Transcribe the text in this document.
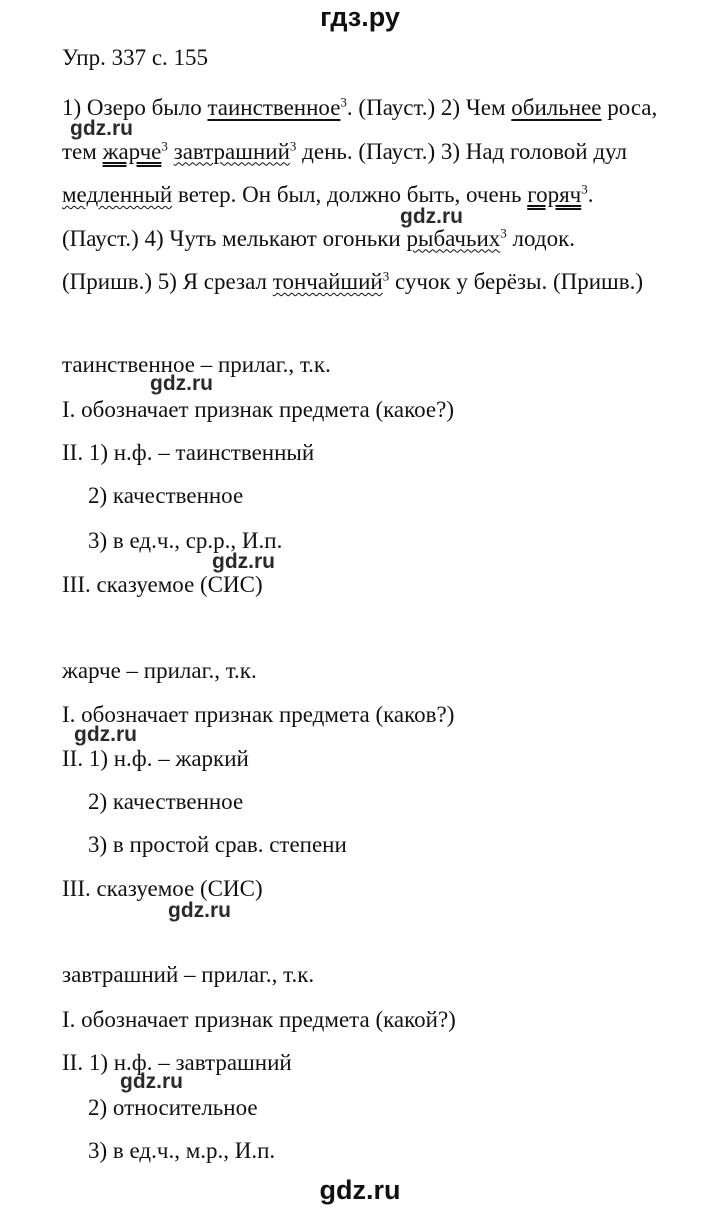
гдз.ру
Упр. 337 с. 155
1) Озеро было таинственное$^3$. (Пауст.) 2) Чем обильнее роса,
тем жарче$^3$ завтрашний$^3$ день. (Пауст.) 3) Над головой дул
медленный ветер. Он был, должно быть, очень горяч$^3$.
(Пауст.) 4) Чуть мелькают огоньки рыбачьих$^3$ лодок.
(Пришв.) 5) Я срезал тончайший$^3$ сучок у берёзы. (Пришв.)
таинственное – прилаг., т.к.
I. обозначает признак предмета (какое?)
II. 1) н.ф. – таинственный
2) качественное
3) в ед.ч., ср.р., И.п.
III. сказуемое (СИС)
жарче – прилаг., т.к.
I. обозначает признак предмета (каков?)
II. 1) н.ф. – жаркий
2) качественное
3) в простой срав. степени
III. сказуемое (СИС)
завтрашний – прилаг., т.к.
I. обозначает признак предмета (какой?)
II. 1) н.ф. – завтрашний
2) относительное
3) в ед.ч., м.р., И.п.
gdz.ru
gdz.ru
gdz.ru
gdz.ru
gdz.ru
gdz.ru
gdz.ru
gdz.ru
